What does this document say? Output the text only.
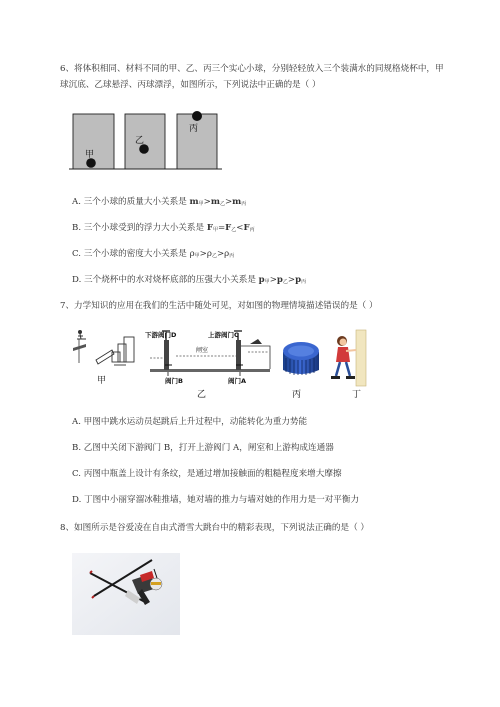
6、将体积相同、材料不同的甲、乙、丙三个实心小球，分别轻轻放入三个装满水的同规格烧杯中，甲
球沉底、乙球悬浮、丙球漂浮，如图所示，下列说法中正确的是（ ）
甲
乙
丙
A. 三个小球的质量大小关系是 m甲>m乙>m丙
B. 三个小球受到的浮力大小关系是 F甲=F乙<F丙
C. 三个小球的密度大小关系是 ρ甲>ρ乙>ρ丙
D. 三个烧杯中的水对烧杯底部的压强大小关系是 p甲>p乙>p丙
7、力学知识的应用在我们的生活中随处可见，对如图的物理情境描述错误的是（ ）
甲
下游阀门D	上游阀门C
闸室
阀门B	阀门A
乙	丙	丁
A. 甲图中跳水运动员起跳后上升过程中，动能转化为重力势能
B. 乙图中关闭下游阀门 B，打开上游阀门 A，闸室和上游构成连通器
C. 丙图中瓶盖上设计有条纹，是通过增加接触面的粗糙程度来增大摩擦
D. 丁图中小丽穿溜冰鞋推墙，她对墙的推力与墙对她的作用力是一对平衡力
8、如图所示是谷爱凌在自由式滑雪大跳台中的精彩表现，下列说法正确的是（ ）
